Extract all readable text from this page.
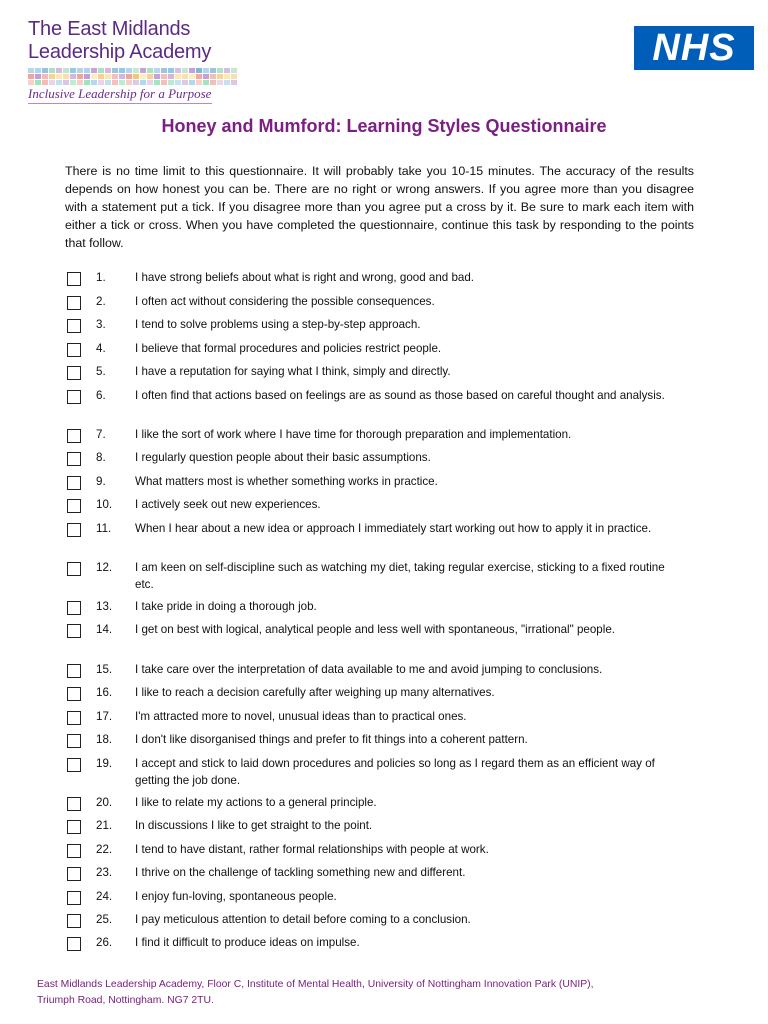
The East Midlands
Leadership Academy
Inclusive Leadership for a Purpose
NHS
Honey and Mumford: Learning Styles Questionnaire
There is no time limit to this questionnaire. It will probably take you 10-15 minutes. The accuracy of the results depends on how honest you can be. There are no right or wrong answers. If you agree more than you disagree with a statement put a tick. If you disagree more than you agree put a cross by it. Be sure to mark each item with either a tick or cross. When you have completed the questionnaire, continue this task by responding to the points that follow.
1.	I have strong beliefs about what is right and wrong, good and bad.
2.	I often act without considering the possible consequences.
3.	I tend to solve problems using a step-by-step approach.
4.	I believe that formal procedures and policies restrict people.
5.	I have a reputation for saying what I think, simply and directly.
6.	I often find that actions based on feelings are as sound as those based on careful thought and analysis.
7.	I like the sort of work where I have time for thorough preparation and implementation.
8.	I regularly question people about their basic assumptions.
9.	What matters most is whether something works in practice.
10. I actively seek out new experiences.
11. When I hear about a new idea or approach I immediately start working out how to apply it in practice.
12. I am keen on self-discipline such as watching my diet, taking regular exercise, sticking to a fixed routine etc.
13. I take pride in doing a thorough job.
14. I get on best with logical, analytical people and less well with spontaneous, "irrational" people.
15. I take care over the interpretation of data available to me and avoid jumping to conclusions.
16. I like to reach a decision carefully after weighing up many alternatives.
17. I'm attracted more to novel, unusual ideas than to practical ones.
18. I don't like disorganised things and prefer to fit things into a coherent pattern.
19. I accept and stick to laid down procedures and policies so long as I regard them as an efficient way of getting the job done.
20. I like to relate my actions to a general principle.
21. In discussions I like to get straight to the point.
22. I tend to have distant, rather formal relationships with people at work.
23. I thrive on the challenge of tackling something new and different.
24. I enjoy fun-loving, spontaneous people.
25. I pay meticulous attention to detail before coming to a conclusion.
26. I find it difficult to produce ideas on impulse.
East Midlands Leadership Academy, Floor C, Institute of Mental Health, University of Nottingham Innovation Park (UNIP),
Triumph Road, Nottingham. NG7 2TU.
